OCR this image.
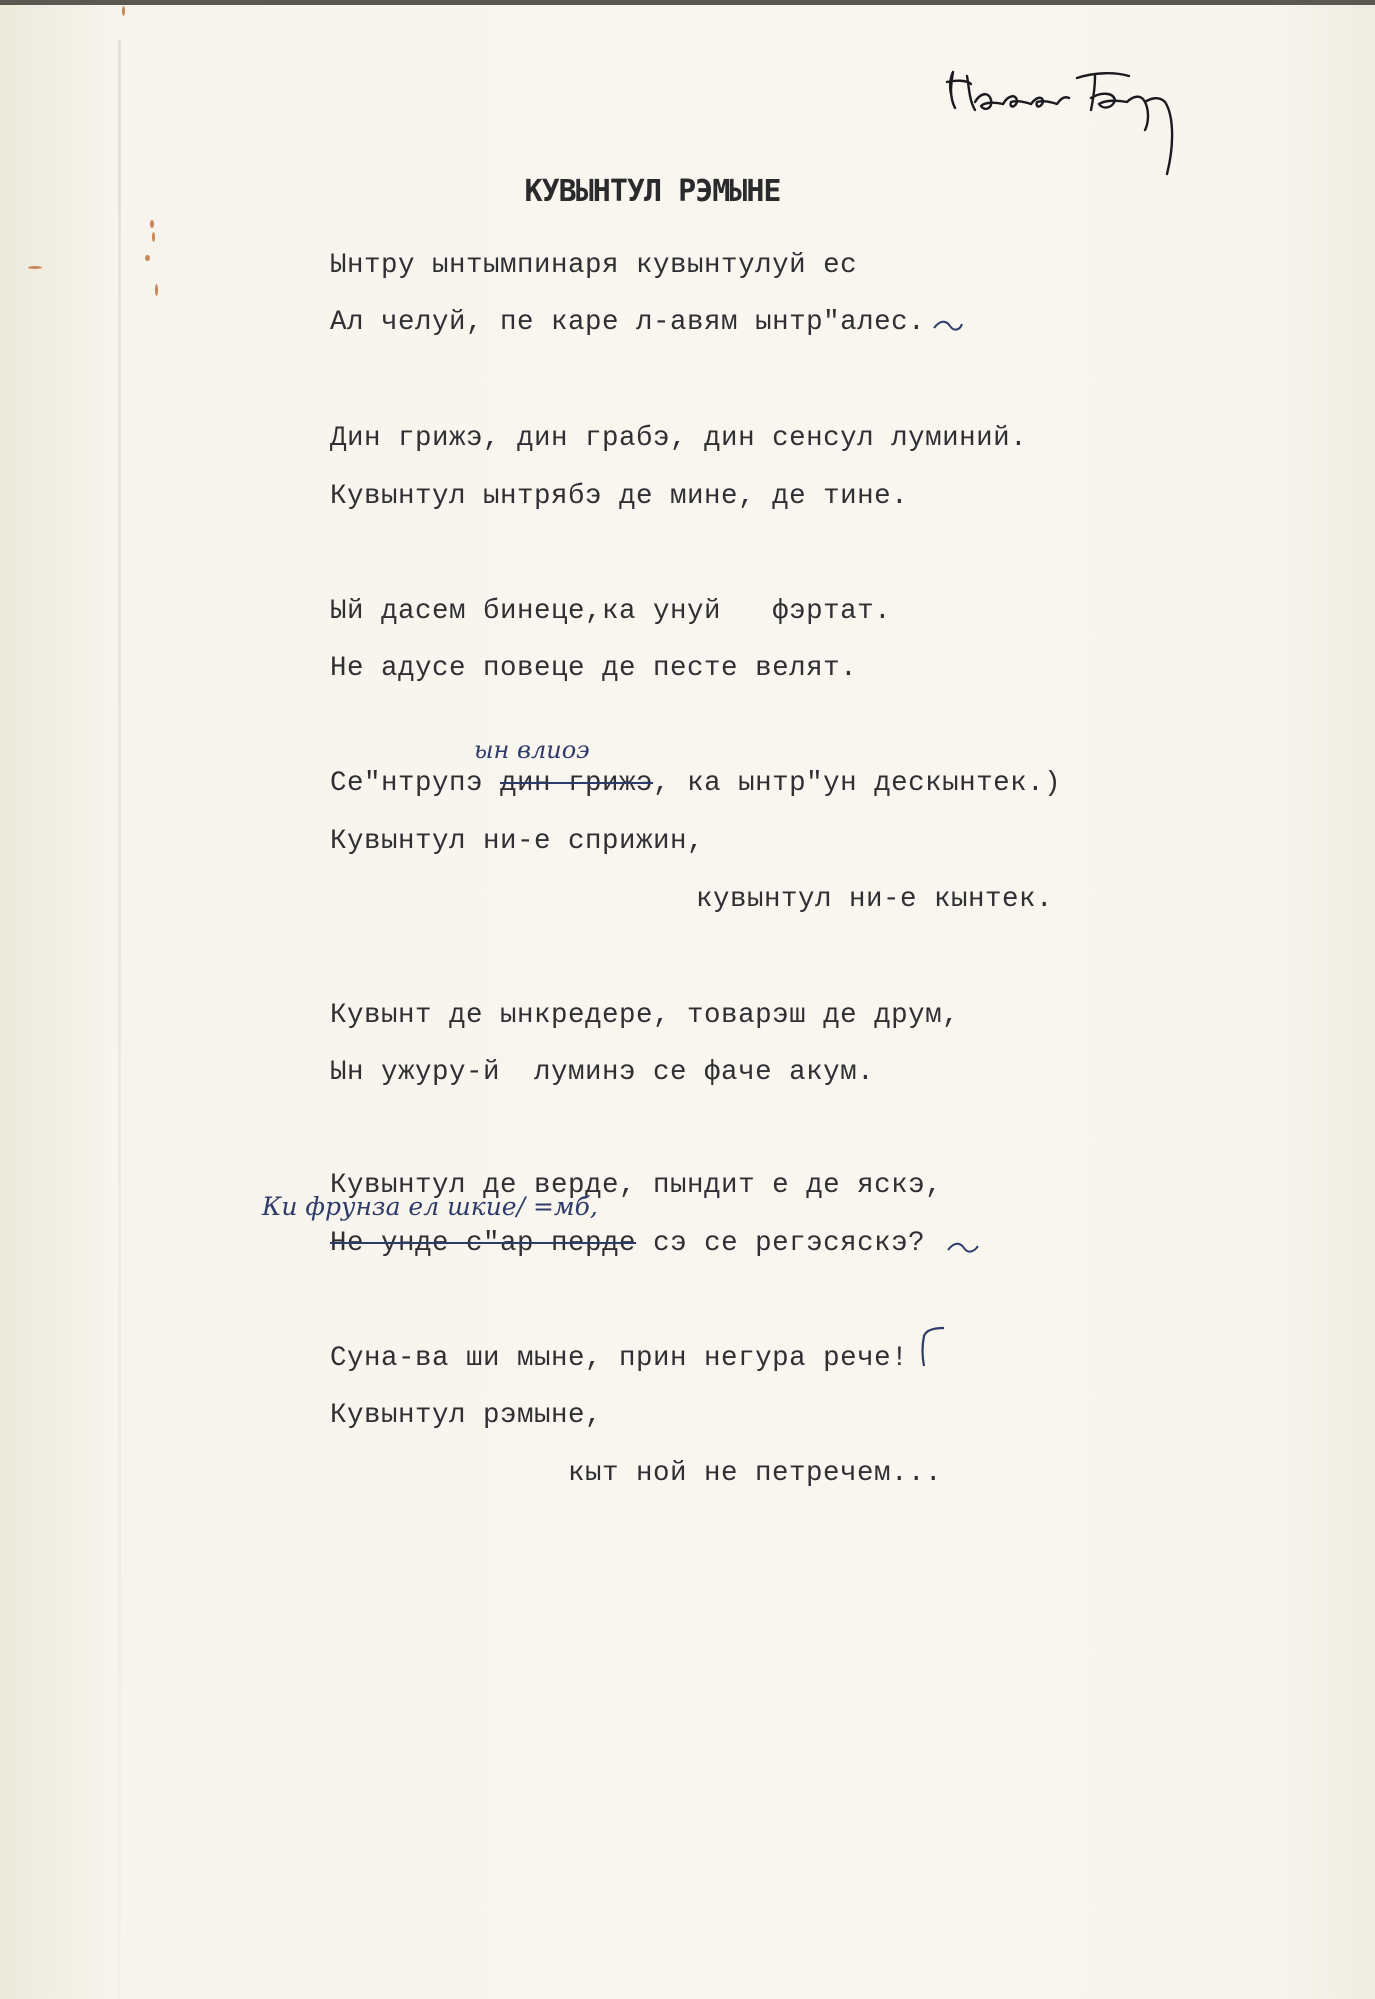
КУВЫНТУЛ РЭМЫНЕ
Ынтру ынтымпинаря кувынтулуй ес
Ал челуй, пе каре л-авям ынтр"алес.
Дин грижэ, дин грабэ, дин сенсул луминий.
Кувынтул ынтрябэ де мине, де тине.
Ый дасем бинеце,ка унуй   фэртат.
Не адусе повеце де песте велят.
ын влиоэ
Се"нтрупэ дин грижэ, ка ынтр"ун дескынтек.)
Кувынтул ни-е сприжин,
кувынтул ни-е кынтек.
Кувынт де ынкредере, товарэш де друм,
Ын ужуру-й  луминэ се фаче акум.
Кувынтул де верде, пындит е де яскэ,
Ки фрунза ел шкие/ =мб,
Не унде с"ар перде сэ се регэсяскэ?
Суна-ва ши мыне, прин негура рече!
Кувынтул рэмыне,
кыт ной не петречем...
